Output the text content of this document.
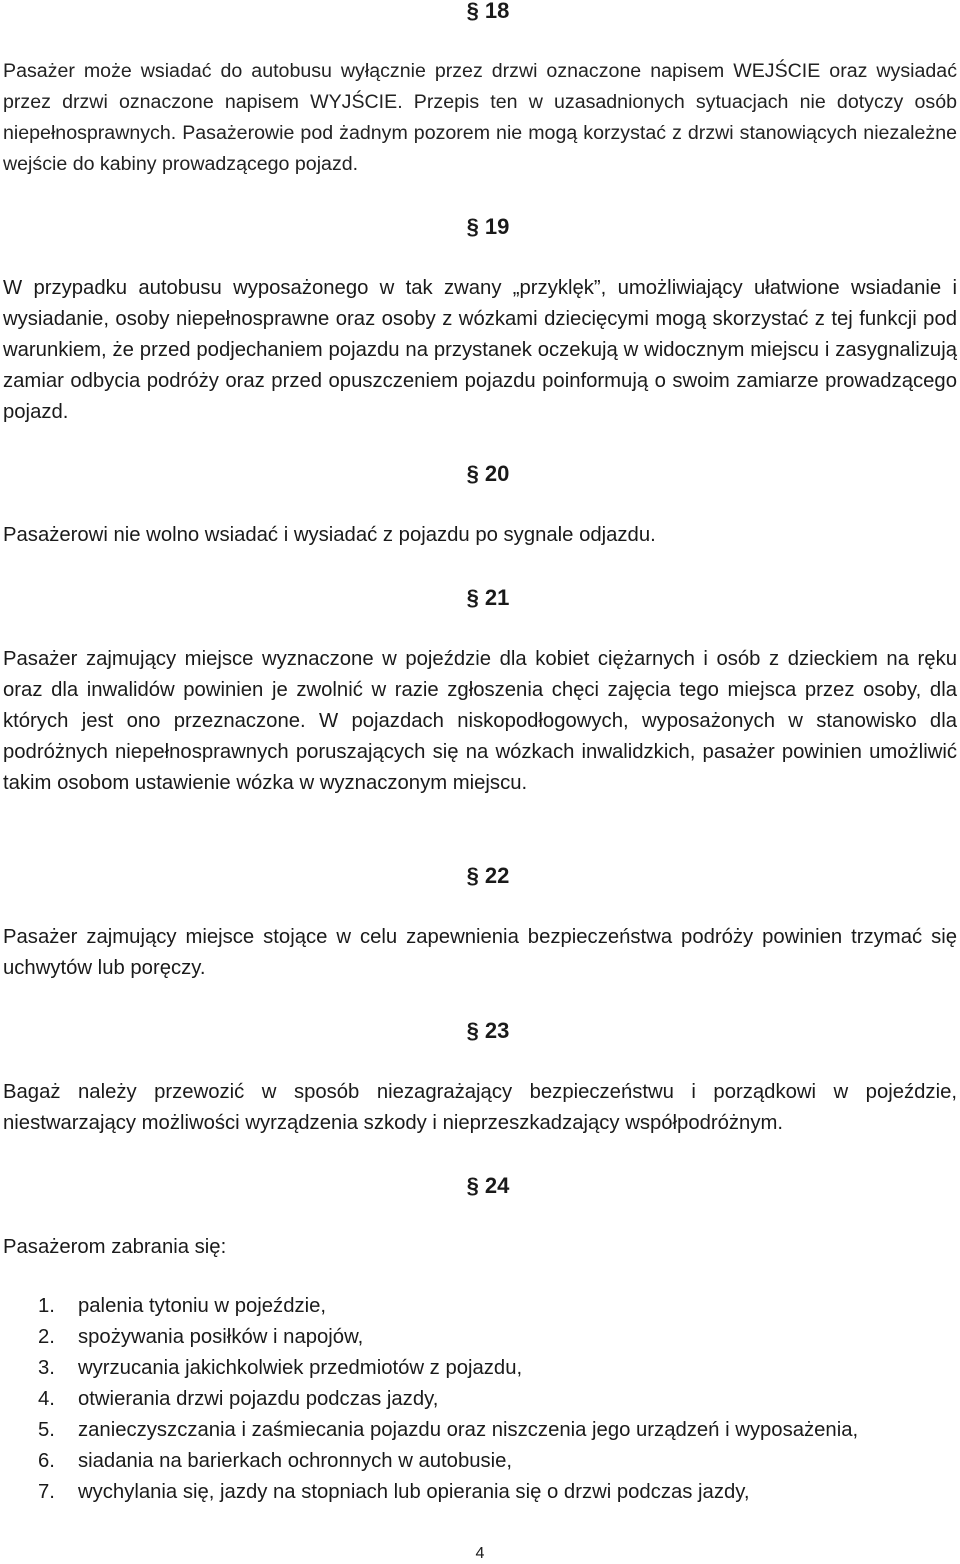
§ 18

Pasażer może wsiadać do autobusu wyłącznie przez drzwi oznaczone napisem WEJŚCIE oraz wysiadać przez drzwi oznaczone napisem WYJŚCIE. Przepis ten w uzasadnionych sytuacjach nie dotyczy osób niepełnosprawnych. Pasażerowie pod żadnym pozorem nie mogą korzystać z drzwi stanowiących niezależne wejście do kabiny prowadzącego pojazd.

§ 19

W przypadku autobusu wyposażonego w tak zwany „przyklęk”, umożliwiający ułatwione wsiadanie i wysiadanie, osoby niepełnosprawne oraz osoby z wózkami dziecięcymi mogą skorzystać z tej funkcji pod warunkiem, że przed podjechaniem pojazdu na przystanek oczekują w widocznym miejscu i zasygnalizują zamiar odbycia podróży oraz przed opuszczeniem pojazdu poinformują o swoim zamiarze prowadzącego pojazd.

§ 20

Pasażerowi nie wolno wsiadać i wysiadać z pojazdu po sygnale odjazdu.

§ 21

Pasażer zajmujący miejsce wyznaczone w pojeździe dla kobiet ciężarnych i osób z dzieckiem na ręku oraz dla inwalidów powinien je zwolnić w razie zgłoszenia chęci zajęcia tego miejsca przez osoby, dla których jest ono przeznaczone. W pojazdach niskopodłogowych, wyposażonych w stanowisko dla podróżnych niepełnosprawnych poruszających się na wózkach inwalidzkich, pasażer powinien umożliwić takim osobom ustawienie wózka w wyznaczonym miejscu.

§ 22

Pasażer zajmujący miejsce stojące w celu zapewnienia bezpieczeństwa podróży powinien trzymać się uchwytów lub poręczy.

§ 23

Bagaż należy przewozić w sposób niezagrażający bezpieczeństwu i porządkowi w pojeździe, niestwarzający możliwości wyrządzenia szkody i nieprzeszkadzający współpodróżnym.

§ 24

Pasażerom zabrania się:

1. palenia tytoniu w pojeździe,
2. spożywania posiłków i napojów,
3. wyrzucania jakichkolwiek przedmiotów z pojazdu,
4. otwierania drzwi pojazdu podczas jazdy,
5. zanieczyszczania i zaśmiecania pojazdu oraz niszczenia jego urządzeń i wyposażenia,
6. siadania na barierkach ochronnych w autobusie,
7. wychylania się, jazdy na stopniach lub opierania się o drzwi podczas jazdy,
4
